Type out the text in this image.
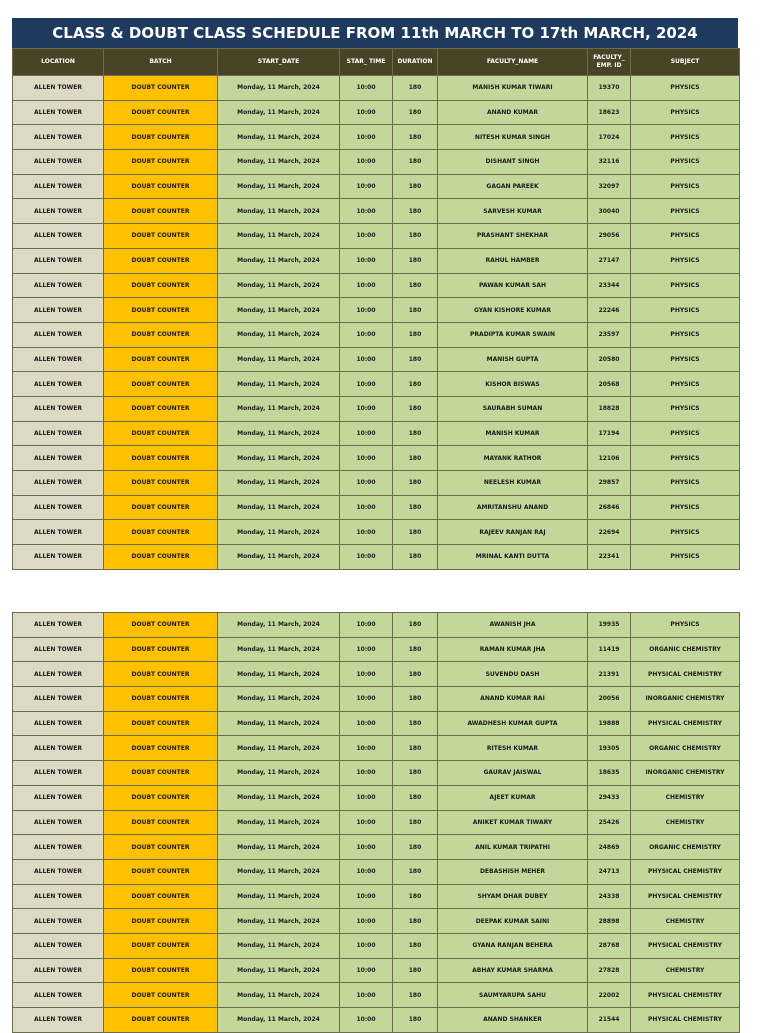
CLASS & DOUBT CLASS SCHEDULE FROM 11th MARCH TO 17th MARCH, 2024
LOCATION	BATCH	START_DATE	STAR_ TIME	DURATION	FACULTY_NAME	FACULTY_ EMP. ID	SUBJECT
ALLEN TOWER	DOUBT COUNTER	Monday, 11 March, 2024	10:00	180	MANISH KUMAR TIWARI	19370	PHYSICS
ALLEN TOWER	DOUBT COUNTER	Monday, 11 March, 2024	10:00	180	ANAND KUMAR	18623	PHYSICS
ALLEN TOWER	DOUBT COUNTER	Monday, 11 March, 2024	10:00	180	NITESH KUMAR SINGH	17024	PHYSICS
ALLEN TOWER	DOUBT COUNTER	Monday, 11 March, 2024	10:00	180	DISHANT SINGH	32116	PHYSICS
ALLEN TOWER	DOUBT COUNTER	Monday, 11 March, 2024	10:00	180	GAGAN PAREEK	32097	PHYSICS
ALLEN TOWER	DOUBT COUNTER	Monday, 11 March, 2024	10:00	180	SARVESH KUMAR	30040	PHYSICS
ALLEN TOWER	DOUBT COUNTER	Monday, 11 March, 2024	10:00	180	PRASHANT SHEKHAR	29056	PHYSICS
ALLEN TOWER	DOUBT COUNTER	Monday, 11 March, 2024	10:00	180	RAHUL HAMBER	27147	PHYSICS
ALLEN TOWER	DOUBT COUNTER	Monday, 11 March, 2024	10:00	180	PAWAN KUMAR SAH	23344	PHYSICS
ALLEN TOWER	DOUBT COUNTER	Monday, 11 March, 2024	10:00	180	GYAN KISHORE KUMAR	22246	PHYSICS
ALLEN TOWER	DOUBT COUNTER	Monday, 11 March, 2024	10:00	180	PRADIPTA KUMAR SWAIN	23597	PHYSICS
ALLEN TOWER	DOUBT COUNTER	Monday, 11 March, 2024	10:00	180	MANISH GUPTA	20580	PHYSICS
ALLEN TOWER	DOUBT COUNTER	Monday, 11 March, 2024	10:00	180	KISHOR BISWAS	20568	PHYSICS
ALLEN TOWER	DOUBT COUNTER	Monday, 11 March, 2024	10:00	180	SAURABH SUMAN	18828	PHYSICS
ALLEN TOWER	DOUBT COUNTER	Monday, 11 March, 2024	10:00	180	MANISH KUMAR	17194	PHYSICS
ALLEN TOWER	DOUBT COUNTER	Monday, 11 March, 2024	10:00	180	MAYANK RATHOR	12106	PHYSICS
ALLEN TOWER	DOUBT COUNTER	Monday, 11 March, 2024	10:00	180	NEELESH KUMAR	29857	PHYSICS
ALLEN TOWER	DOUBT COUNTER	Monday, 11 March, 2024	10:00	180	AMRITANSHU ANAND	26846	PHYSICS
ALLEN TOWER	DOUBT COUNTER	Monday, 11 March, 2024	10:00	180	RAJEEV RANJAN RAJ	22694	PHYSICS
ALLEN TOWER	DOUBT COUNTER	Monday, 11 March, 2024	10:00	180	MRINAL KANTI DUTTA	22341	PHYSICS
ALLEN TOWER	DOUBT COUNTER	Monday, 11 March, 2024	10:00	180	AWANISH JHA	19935	PHYSICS
ALLEN TOWER	DOUBT COUNTER	Monday, 11 March, 2024	10:00	180	RAMAN KUMAR JHA	11419	ORGANIC CHEMISTRY
ALLEN TOWER	DOUBT COUNTER	Monday, 11 March, 2024	10:00	180	SUVENDU DASH	21391	PHYSICAL CHEMISTRY
ALLEN TOWER	DOUBT COUNTER	Monday, 11 March, 2024	10:00	180	ANAND KUMAR RAI	20056	INORGANIC CHEMISTRY
ALLEN TOWER	DOUBT COUNTER	Monday, 11 March, 2024	10:00	180	AWADHESH KUMAR GUPTA	19888	PHYSICAL CHEMISTRY
ALLEN TOWER	DOUBT COUNTER	Monday, 11 March, 2024	10:00	180	RITESH KUMAR	19305	ORGANIC CHEMISTRY
ALLEN TOWER	DOUBT COUNTER	Monday, 11 March, 2024	10:00	180	GAURAV JAISWAL	18635	INORGANIC CHEMISTRY
ALLEN TOWER	DOUBT COUNTER	Monday, 11 March, 2024	10:00	180	AJEET KUMAR	29433	CHEMISTRY
ALLEN TOWER	DOUBT COUNTER	Monday, 11 March, 2024	10:00	180	ANIKET KUMAR TIWARY	25426	CHEMISTRY
ALLEN TOWER	DOUBT COUNTER	Monday, 11 March, 2024	10:00	180	ANIL KUMAR TRIPATHI	24869	ORGANIC CHEMISTRY
ALLEN TOWER	DOUBT COUNTER	Monday, 11 March, 2024	10:00	180	DEBASHISH MEHER	24713	PHYSICAL CHEMISTRY
ALLEN TOWER	DOUBT COUNTER	Monday, 11 March, 2024	10:00	180	SHYAM DHAR DUBEY	24338	PHYSICAL CHEMISTRY
ALLEN TOWER	DOUBT COUNTER	Monday, 11 March, 2024	10:00	180	DEEPAK KUMAR SAINI	28898	CHEMISTRY
ALLEN TOWER	DOUBT COUNTER	Monday, 11 March, 2024	10:00	180	GYANA RANJAN BEHERA	28768	PHYSICAL CHEMISTRY
ALLEN TOWER	DOUBT COUNTER	Monday, 11 March, 2024	10:00	180	ABHAY KUMAR SHARMA	27828	CHEMISTRY
ALLEN TOWER	DOUBT COUNTER	Monday, 11 March, 2024	10:00	180	SAUMYARUPA SAHU	22002	PHYSICAL CHEMISTRY
ALLEN TOWER	DOUBT COUNTER	Monday, 11 March, 2024	10:00	180	ANAND SHANKER	21544	PHYSICAL CHEMISTRY
